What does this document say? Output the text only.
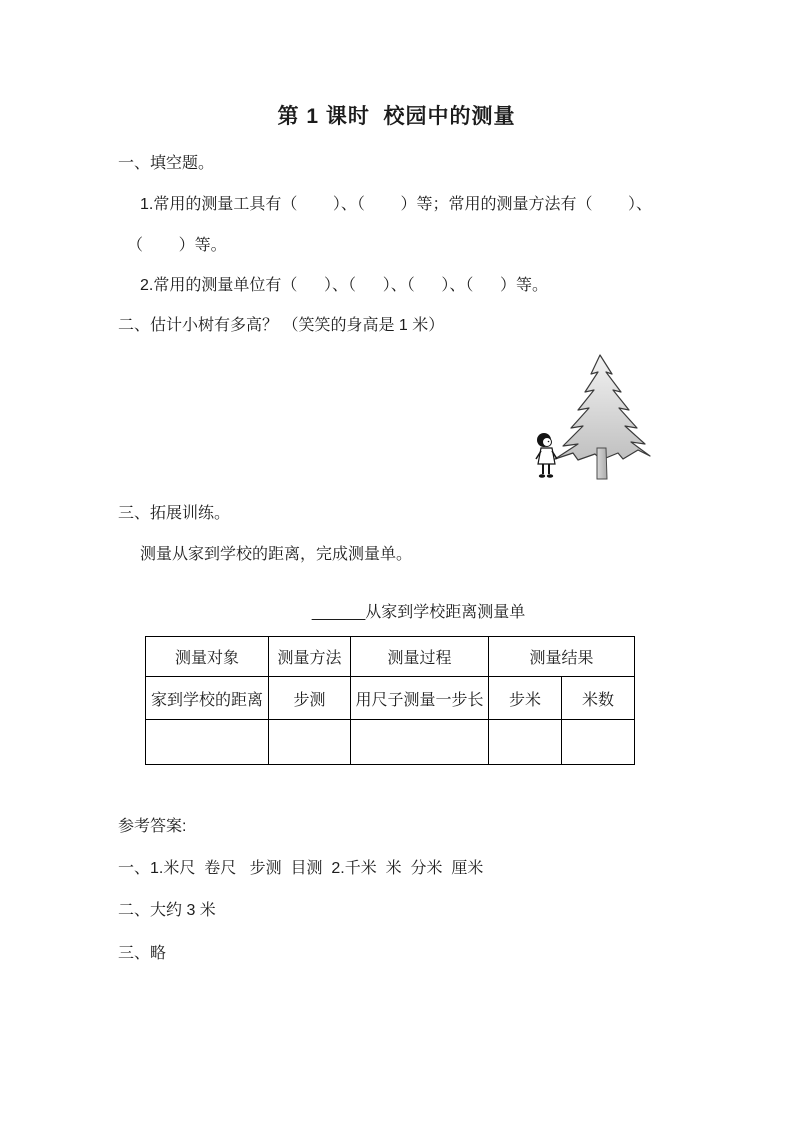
第 1 课时  校园中的测量
一、填空题。
1.常用的测量工具有（        ）、（        ）等；常用的测量方法有（        ）、
（        ）等。
2.常用的测量单位有（      ）、（      ）、（      ）、（      ）等。
二、估计小树有多高？ （笑笑的身高是 1 米）
三、拓展训练。
测量从家到学校的距离，完成测量单。

______从家到学校距离测量单

测量对象	测量方法	测量过程	测量结果	
家到学校的距离	步测	用尺子测量一步长	步米	米数

参考答案:
一、1.米尺  卷尺   步测  目测  2.千米  米  分米  厘米
二、大约 3 米
三、略
